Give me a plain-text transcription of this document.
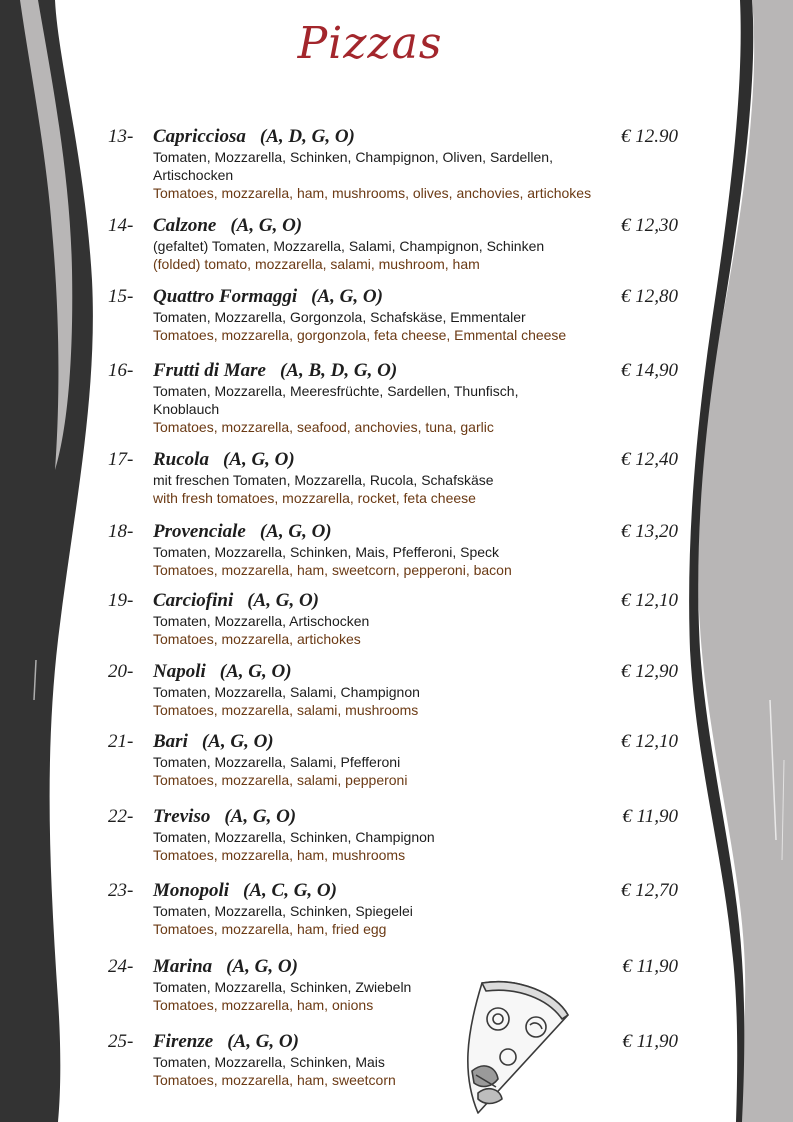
Pizzas
13- Capricciosa (A, D, G, O)	€ 12.90
Tomaten, Mozzarella, Schinken, Champignon, Oliven, Sardellen, Artischocken
Tomatoes, mozzarella, ham, mushrooms, olives, anchovies, artichokes
14- Calzone (A, G, O)	€ 12,30
(gefaltet) Tomaten, Mozzarella, Salami, Champignon, Schinken
(folded) tomato, mozzarella, salami, mushroom, ham
15- Quattro Formaggi (A, G, O)	€ 12,80
Tomaten, Mozzarella, Gorgonzola, Schafskäse, Emmentaler
Tomatoes, mozzarella, gorgonzola, feta cheese, Emmental cheese
16- Frutti di Mare (A, B, D, G, O)	€ 14,90
Tomaten, Mozzarella, Meeresfrüchte, Sardellen, Thunfisch, Knoblauch
Tomatoes, mozzarella, seafood, anchovies, tuna, garlic
17- Rucola (A, G, O)	€ 12,40
mit freschen Tomaten, Mozzarella, Rucola, Schafskäse
with fresh tomatoes, mozzarella, rocket, feta cheese
18- Provenciale (A, G, O)	€ 13,20
Tomaten, Mozzarella, Schinken, Mais, Pfefferoni, Speck
Tomatoes, mozzarella, ham, sweetcorn, pepperoni, bacon
19- Carciofini (A, G, O)	€ 12,10
Tomaten, Mozzarella, Artischocken
Tomatoes, mozzarella, artichokes
20- Napoli (A, G, O)	€ 12,90
Tomaten, Mozzarella, Salami, Champignon
Tomatoes, mozzarella, salami, mushrooms
21- Bari (A, G, O)	€ 12,10
Tomaten, Mozzarella, Salami, Pfefferoni
Tomatoes, mozzarella, salami, pepperoni
22- Treviso (A, G, O)	€ 11,90
Tomaten, Mozzarella, Schinken, Champignon
Tomatoes, mozzarella, ham, mushrooms
23- Monopoli (A, C, G, O)	€ 12,70
Tomaten, Mozzarella, Schinken, Spiegelei
Tomatoes, mozzarella, ham, fried egg
24- Marina (A, G, O)	€ 11,90
Tomaten, Mozzarella, Schinken, Zwiebeln
Tomatoes, mozzarella, ham, onions
25- Firenze (A, G, O)	€ 11,90
Tomaten, Mozzarella, Schinken, Mais
Tomatoes, mozzarella, ham, sweetcorn
